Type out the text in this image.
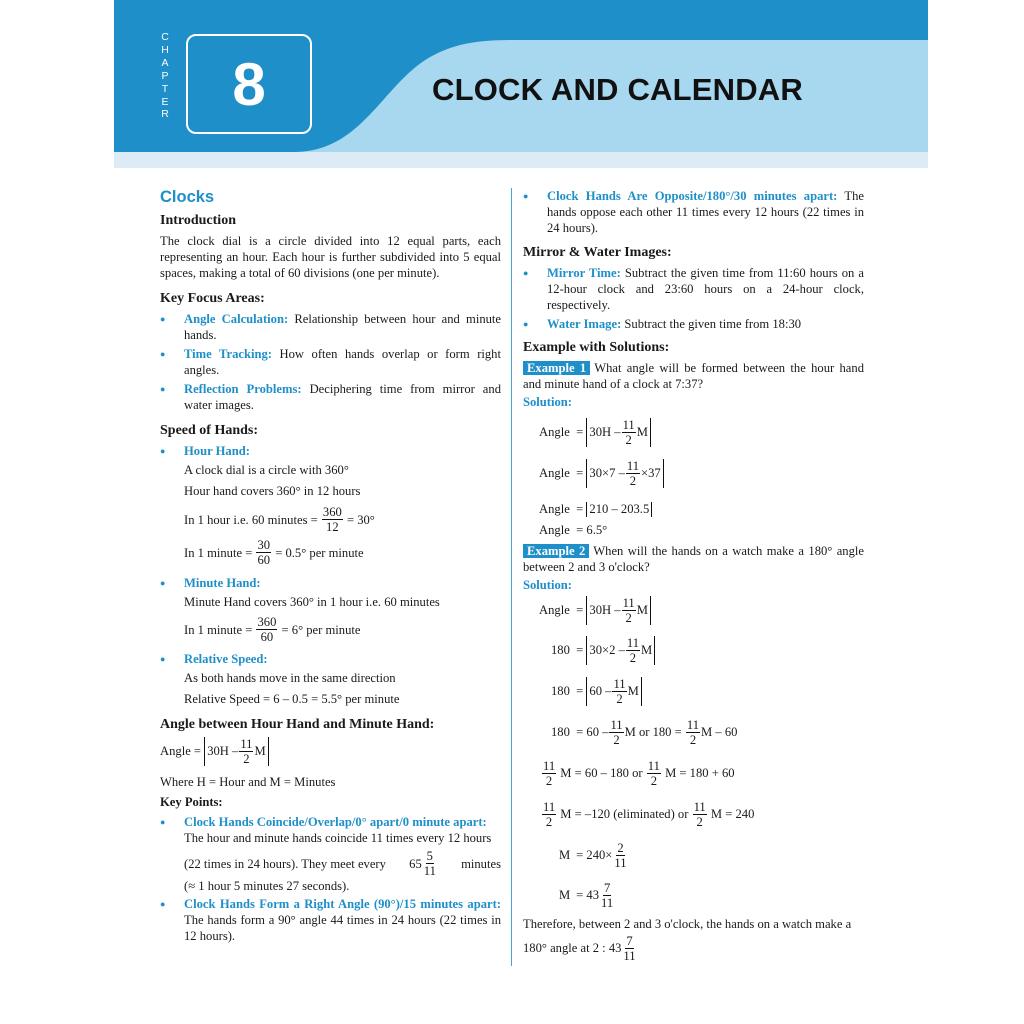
C
H
A
P
T
E
R	8	CLOCK AND CALENDAR
Clocks
Introduction

The clock dial is a circle divided into 12 equal parts, each representing an hour. Each hour is further subdivided into 5 equal spaces, making a total of 60 divisions (one per minute).

Key Focus Areas:
● Angle Calculation: Relationship between hour and minute hands.
● Time Tracking: How often hands overlap or form right angles.
● Reflection Problems: Deciphering time from mirror and water images.
Speed of Hands:
● Hour Hand:
A clock dial is a circle with 360°
Hour hand covers 360° in 12 hours
In 1 hour i.e. 60 minutes =
$\frac{360}{12}$
= 30°
In 1 minute =
$\frac{30}{60}$
= 0.5° per minute
● Minute Hand:
Minute Hand covers 360° in 1 hour i.e. 60 minutes
In 1 minute =
$\frac{360}{60}$
= 6° per minute
● Relative Speed:
As both hands move in the same direction
Relative Speed = 6 – 0.5 = 5.5° per minute
Angle between Hour Hand and Minute Hand:
Angle =
$30H - \frac{11}{2}$ M
Where H = Hour and M = Minutes
Key Points:
● Clock Hands Coincide/Overlap/0° apart/0 minute apart:
The hour and minute hands coincide 11 times every 12 hours
(22 times in 24 hours). They meet every $65 \frac{5}{11}$ minutes
(≈ 1 hour 5 minutes 27 seconds).
● Clock Hands Form a Right Angle (90°)/15 minutes apart: The hands form a 90° angle 44 times in 24 hours (22 times in 12 hours).
● Clock Hands Are Opposite/180°/30 minutes apart: The hands oppose each other 11 times every 12 hours (22 times in 24 hours).
Mirror & Water Images:
● Mirror Time: Subtract the given time from 11:60 hours on a 12-hour clock and 23:60 hours on a 24-hour clock, respectively.
● Water Image: Subtract the given time from 18:30
Example with Solutions:

Example 1 What angle will be formed between the hour hand and minute hand of a clock at 7:37?

Solution:
Angle
=
$30H - \frac{11}{2}$ M
Angle
=
$30\times 7 - \frac{11}{2} \times 37$
Angle
=
210 – 203.5
Angle
= 6.5°

Example 2 When will the hands on a watch make a 180° angle between 2 and 3 o'clock?

Solution:
Angle
=
$30H - \frac{11}{2}$ M
180
=
$30\times 2 - \frac{11}{2}$ M
180
=
$60 - \frac{11}{2}$ M
180
= $60 - \frac{11}{2}$ M or 180 =
$\frac{11}{2}$ M – 60
$\frac{11}{2}$
M = 60 – 180 or
$\frac{11}{2}$
M = 180 + 60
$\frac{11}{2}$
M = –120 (eliminated) or
$\frac{11}{2}$
M = 240
M
= $240\times \frac{2}{11}$
M
= $43 \frac{7}{11}$
Therefore, between 2 and 3 o'clock, the hands on a watch make a
180° angle at 2 : $43 \frac{7}{11}$
